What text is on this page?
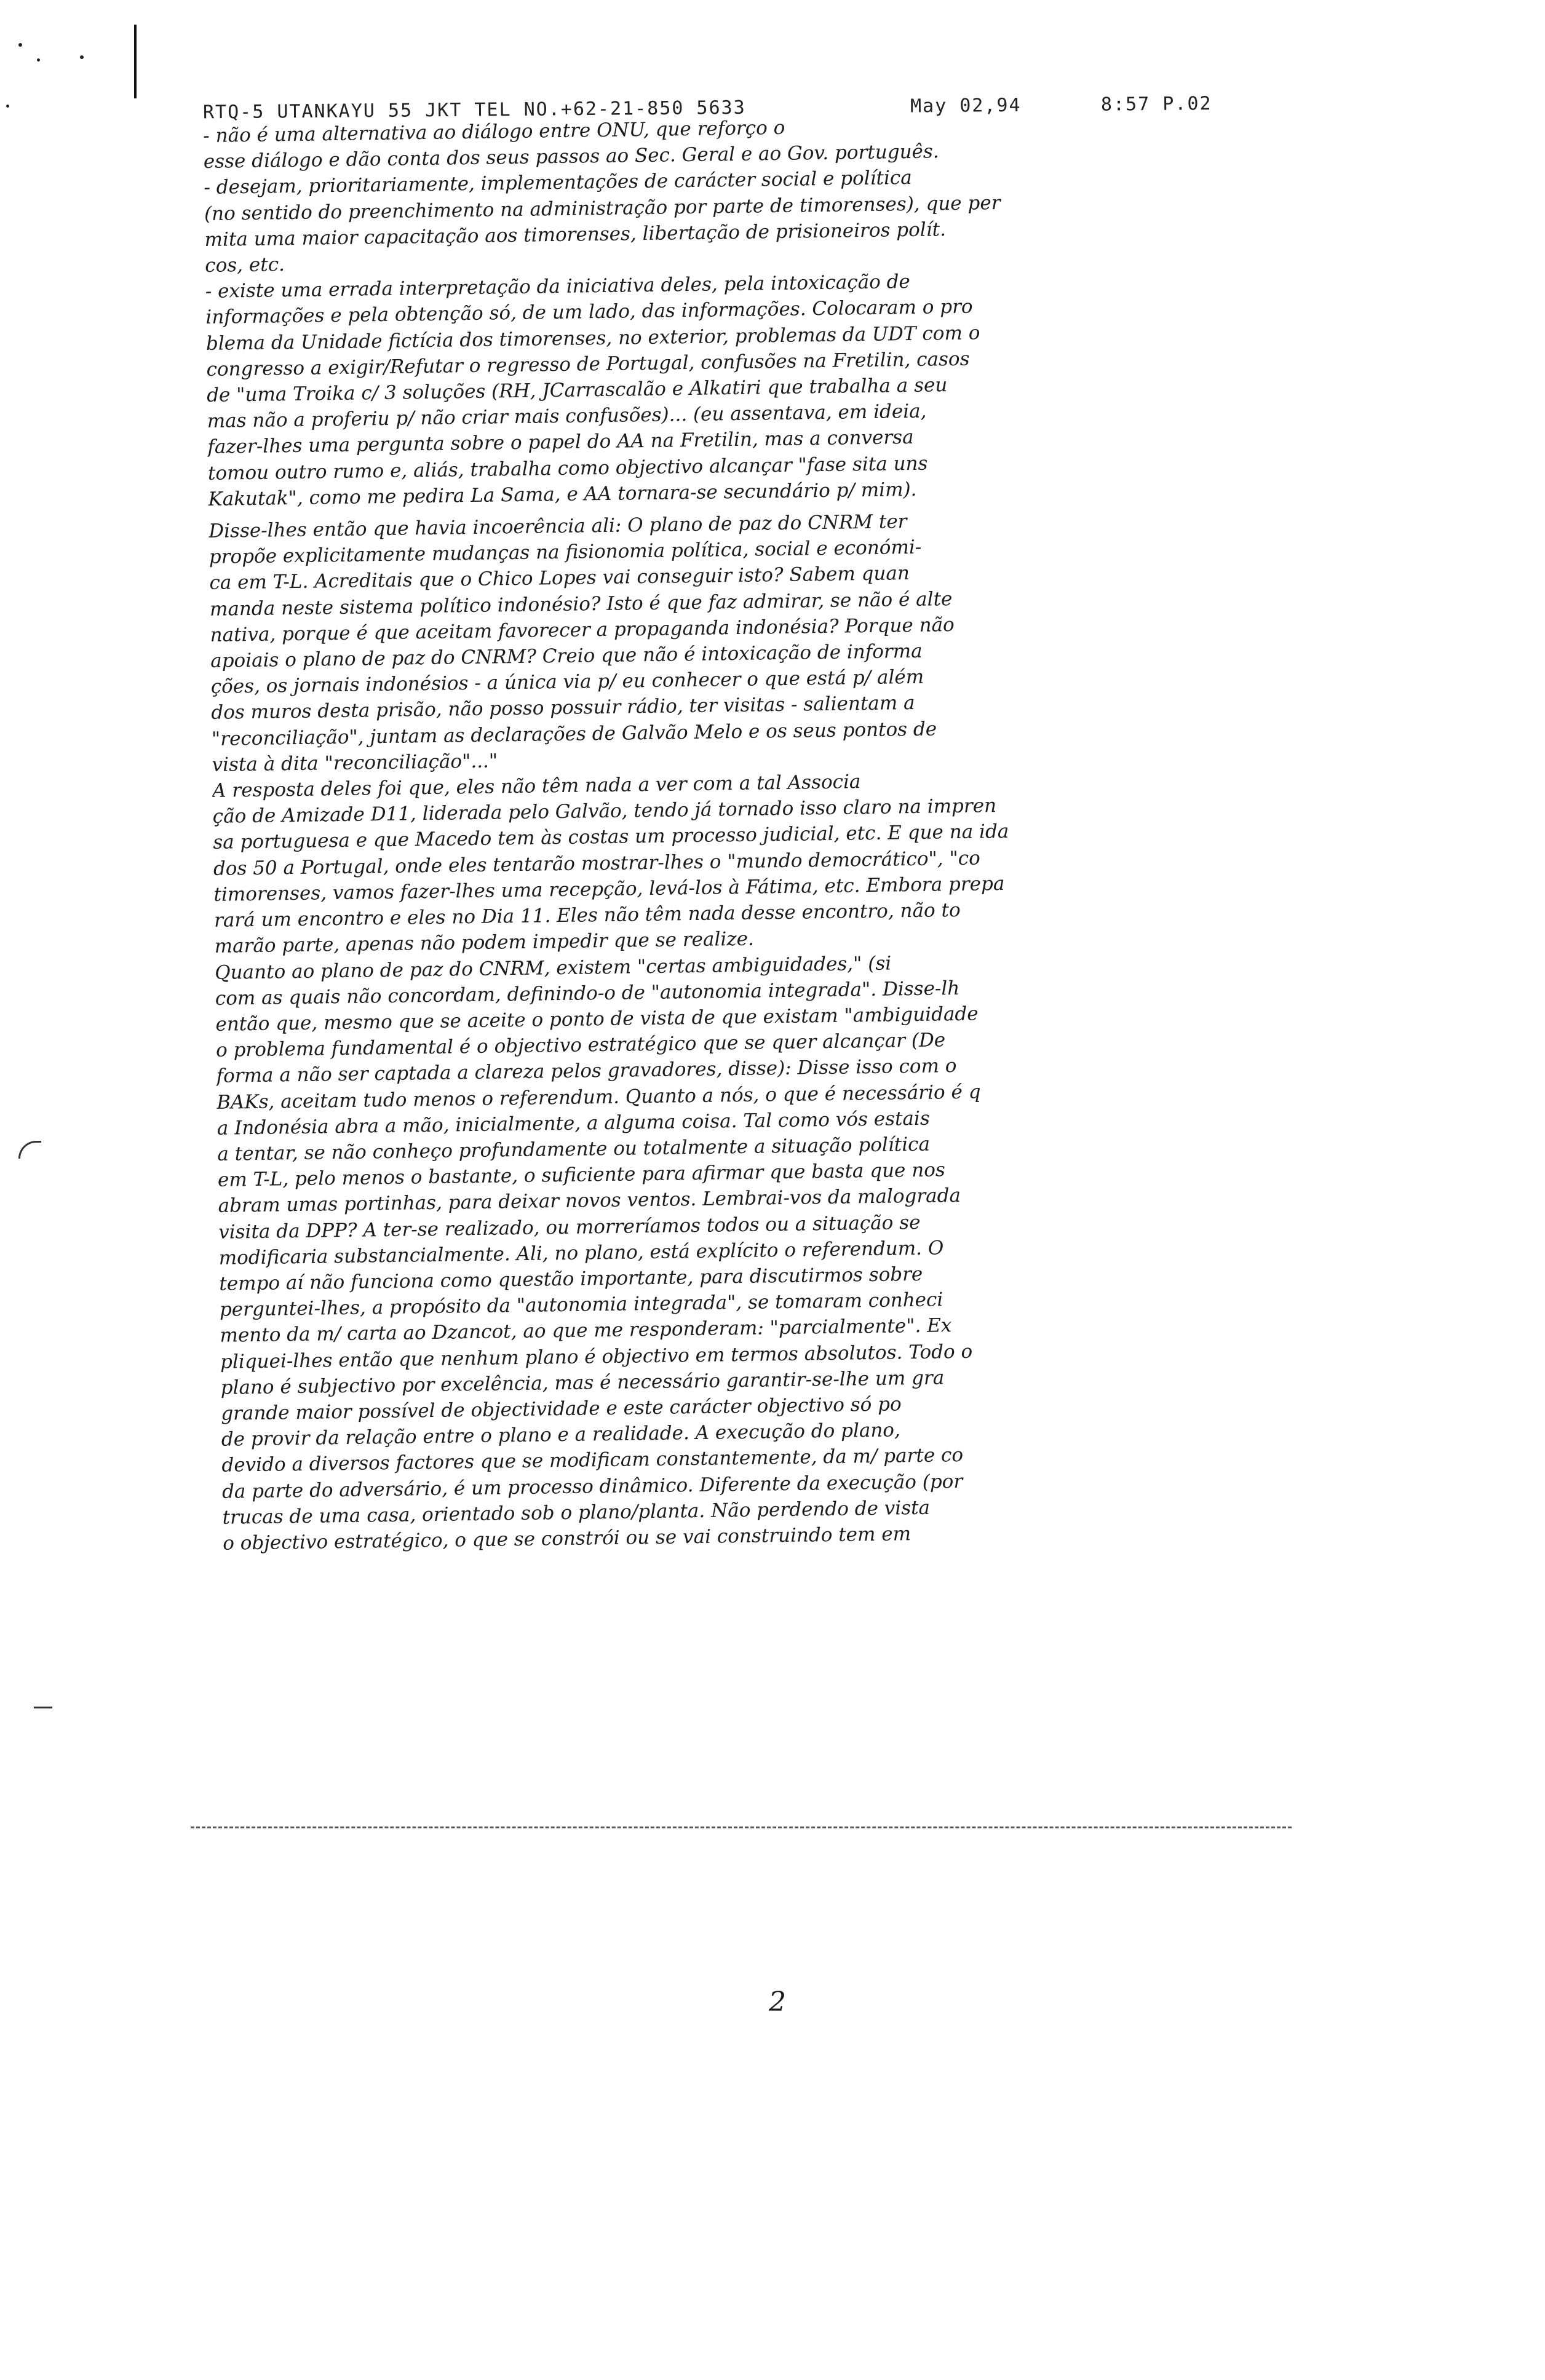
RTQ-5 UTANKAYU 55 JKT TEL NO.+62-21-850 5633	May 02,94	8:57 P.02
- não é uma alternativa ao diálogo entre ONU, que reforço o
esse diálogo e dão conta dos seus passos ao Sec. Geral e ao Gov. português.
- desejam, prioritariamente, implementações de carácter social e política
(no sentido do preenchimento na administração por parte de timorenses), que per
mita uma maior capacitação aos timorenses, libertação de prisioneiros polít.
cos, etc.
- existe uma errada interpretação da iniciativa deles, pela intoxicação de
informações e pela obtenção só, de um lado, das informações. Colocaram o pro
blema da Unidade fictícia dos timorenses, no exterior, problemas da UDT com o
congresso a exigir/Refutar o regresso de Portugal, confusões na Fretilin, casos
de "uma Troika c/ 3 soluções (RH, JCarrascalão e Alkatiri que trabalha a seu
mas não a proferiu p/ não criar mais confusões)... (eu assentava, em ideia,
fazer-lhes uma pergunta sobre o papel do AA na Fretilin, mas a conversa
tomou outro rumo e, aliás, trabalha como objectivo alcançar "fase sita uns
Kakutak", como me pedira La Sama, e AA tornara-se secundário p/ mim).
Disse-lhes então que havia incoerência ali: O plano de paz do CNRM ter
propõe explicitamente mudanças na fisionomia política, social e económi-
ca em T-L. Acreditais que o Chico Lopes vai conseguir isto? Sabem quan
manda neste sistema político indonésio? Isto é que faz admirar, se não é alte
nativa, porque é que aceitam favorecer a propaganda indonésia? Porque não
apoiais o plano de paz do CNRM? Creio que não é intoxicação de informa
ções, os jornais indonésios - a única via p/ eu conhecer o que está p/ além
dos muros desta prisão, não posso possuir rádio, ter visitas - salientam a
"reconciliação", juntam as declarações de Galvão Melo e os seus pontos de
vista à dita "reconciliação"..."
A resposta deles foi que, eles não têm nada a ver com a tal Associa
ção de Amizade D11, liderada pelo Galvão, tendo já tornado isso claro na impren
sa portuguesa e que Macedo tem às costas um processo judicial, etc. E que na ida
dos 50 a Portugal, onde eles tentarão mostrar-lhes o "mundo democrático", "co
timorenses, vamos fazer-lhes uma recepção, levá-los à Fátima, etc. Embora prepa
rará um encontro e eles no Dia 11. Eles não têm nada desse encontro, não to
marão parte, apenas não podem impedir que se realize.
Quanto ao plano de paz do CNRM, existem "certas ambiguidades," (si
com as quais não concordam, definindo-o de "autonomia integrada". Disse-lh
então que, mesmo que se aceite o ponto de vista de que existam "ambiguidade
o problema fundamental é o objectivo estratégico que se quer alcançar (De
forma a não ser captada a clareza pelos gravadores, disse): Disse isso com o
BAKs, aceitam tudo menos o referendum. Quanto a nós, o que é necessário é q
a Indonésia abra a mão, inicialmente, a alguma coisa. Tal como vós estais
a tentar, se não conheço profundamente ou totalmente a situação política
em T-L, pelo menos o bastante, o suficiente para afirmar que basta que nos
abram umas portinhas, para deixar novos ventos. Lembrai-vos da malograda
visita da DPP? A ter-se realizado, ou morreríamos todos ou a situação se
modificaria substancialmente. Ali, no plano, está explícito o referendum. O
tempo aí não funciona como questão importante, para discutirmos sobre
perguntei-lhes, a propósito da "autonomia integrada", se tomaram conheci
mento da m/ carta ao Dzancot, ao que me responderam: "parcialmente". Ex
pliquei-lhes então que nenhum plano é objectivo em termos absolutos. Todo o
plano é subjectivo por excelência, mas é necessário garantir-se-lhe um gra
grande maior possível de objectividade e este carácter objectivo só po
de provir da relação entre o plano e a realidade. A execução do plano,
devido a diversos factores que se modificam constantemente, da m/ parte co
da parte do adversário, é um processo dinâmico. Diferente da execução (por
trucas de uma casa, orientado sob o plano/planta. Não perdendo de vista
o objectivo estratégico, o que se constrói ou se vai construindo tem em
2
